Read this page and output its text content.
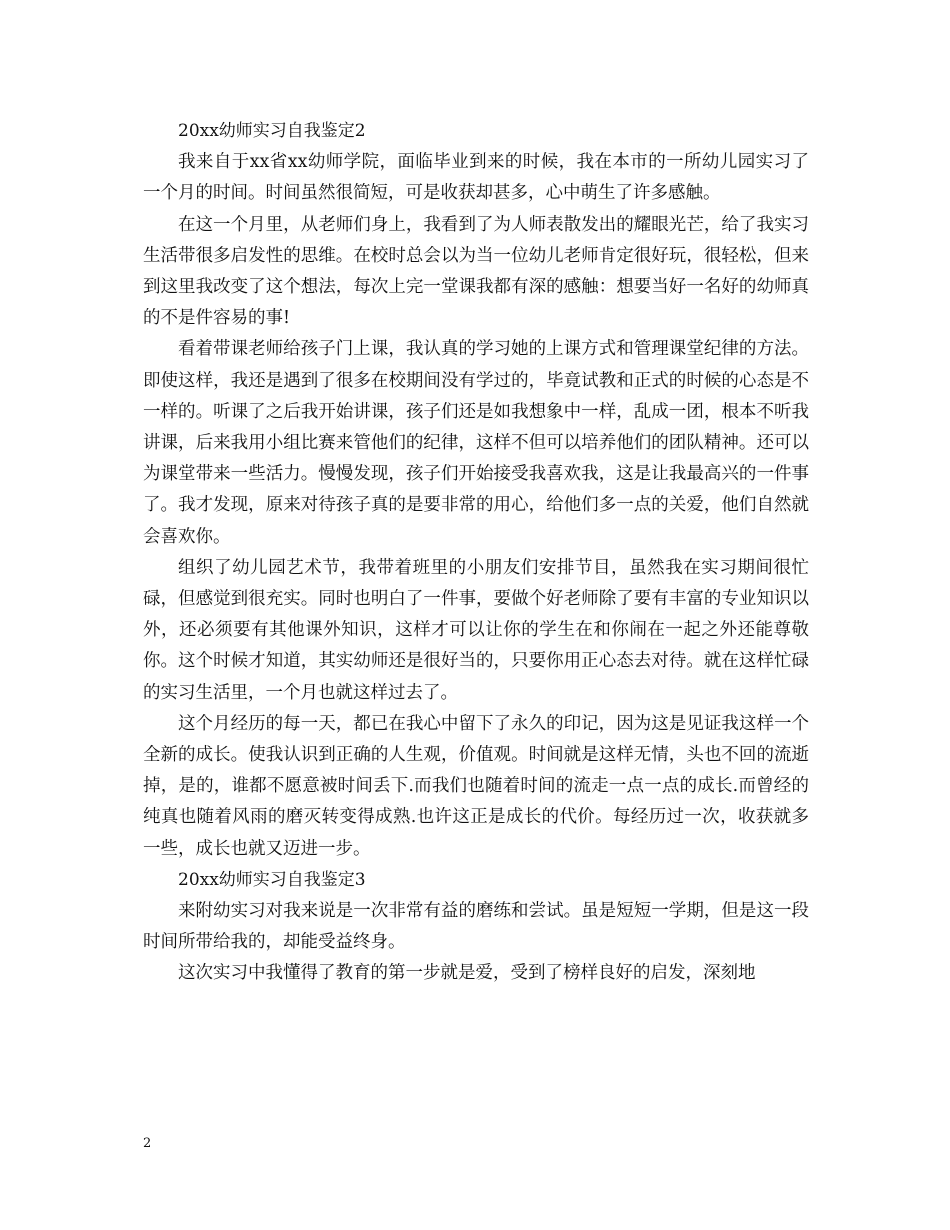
20xx幼师实习自我鉴定2

我来自于xx省xx幼师学院，面临毕业到来的时候，我在本市的一所幼儿园实习了一个月的时间。时间虽然很简短，可是收获却甚多，心中萌生了许多感触。

在这一个月里，从老师们身上，我看到了为人师表散发出的耀眼光芒，给了我实习生活带很多启发性的思维。在校时总会以为当一位幼儿老师肯定很好玩，很轻松，但来到这里我改变了这个想法，每次上完一堂课我都有深的感触：想要当好一名好的幼师真的不是件容易的事!

看着带课老师给孩子门上课，我认真的学习她的上课方式和管理课堂纪律的方法。即使这样，我还是遇到了很多在校期间没有学过的，毕竟试教和正式的时候的心态是不一样的。听课了之后我开始讲课，孩子们还是如我想象中一样，乱成一团，根本不听我讲课，后来我用小组比赛来管他们的纪律，这样不但可以培养他们的团队精神。还可以为课堂带来一些活力。慢慢发现，孩子们开始接受我喜欢我，这是让我最高兴的一件事了。我才发现，原来对待孩子真的是要非常的用心，给他们多一点的关爱，他们自然就会喜欢你。

组织了幼儿园艺术节，我带着班里的小朋友们安排节目，虽然我在实习期间很忙碌，但感觉到很充实。同时也明白了一件事，要做个好老师除了要有丰富的专业知识以外，还必须要有其他课外知识，这样才可以让你的学生在和你闹在一起之外还能尊敬你。这个时候才知道，其实幼师还是很好当的，只要你用正心态去对待。就在这样忙碌的实习生活里，一个月也就这样过去了。

这个月经历的每一天，都已在我心中留下了永久的印记，因为这是见证我这样一个全新的成长。使我认识到正确的人生观，价值观。时间就是这样无情，头也不回的流逝掉，是的，谁都不愿意被时间丢下.而我们也随着时间的流走一点一点的成长.而曾经的纯真也随着风雨的磨灭转变得成熟.也许这正是成长的代价。每经历过一次，收获就多一些，成长也就又迈进一步。

20xx幼师实习自我鉴定3

来附幼实习对我来说是一次非常有益的磨练和尝试。虽是短短一学期，但是这一段时间所带给我的，却能受益终身。

这次实习中我懂得了教育的第一步就是爱，受到了榜样良好的启发，深刻地

2
